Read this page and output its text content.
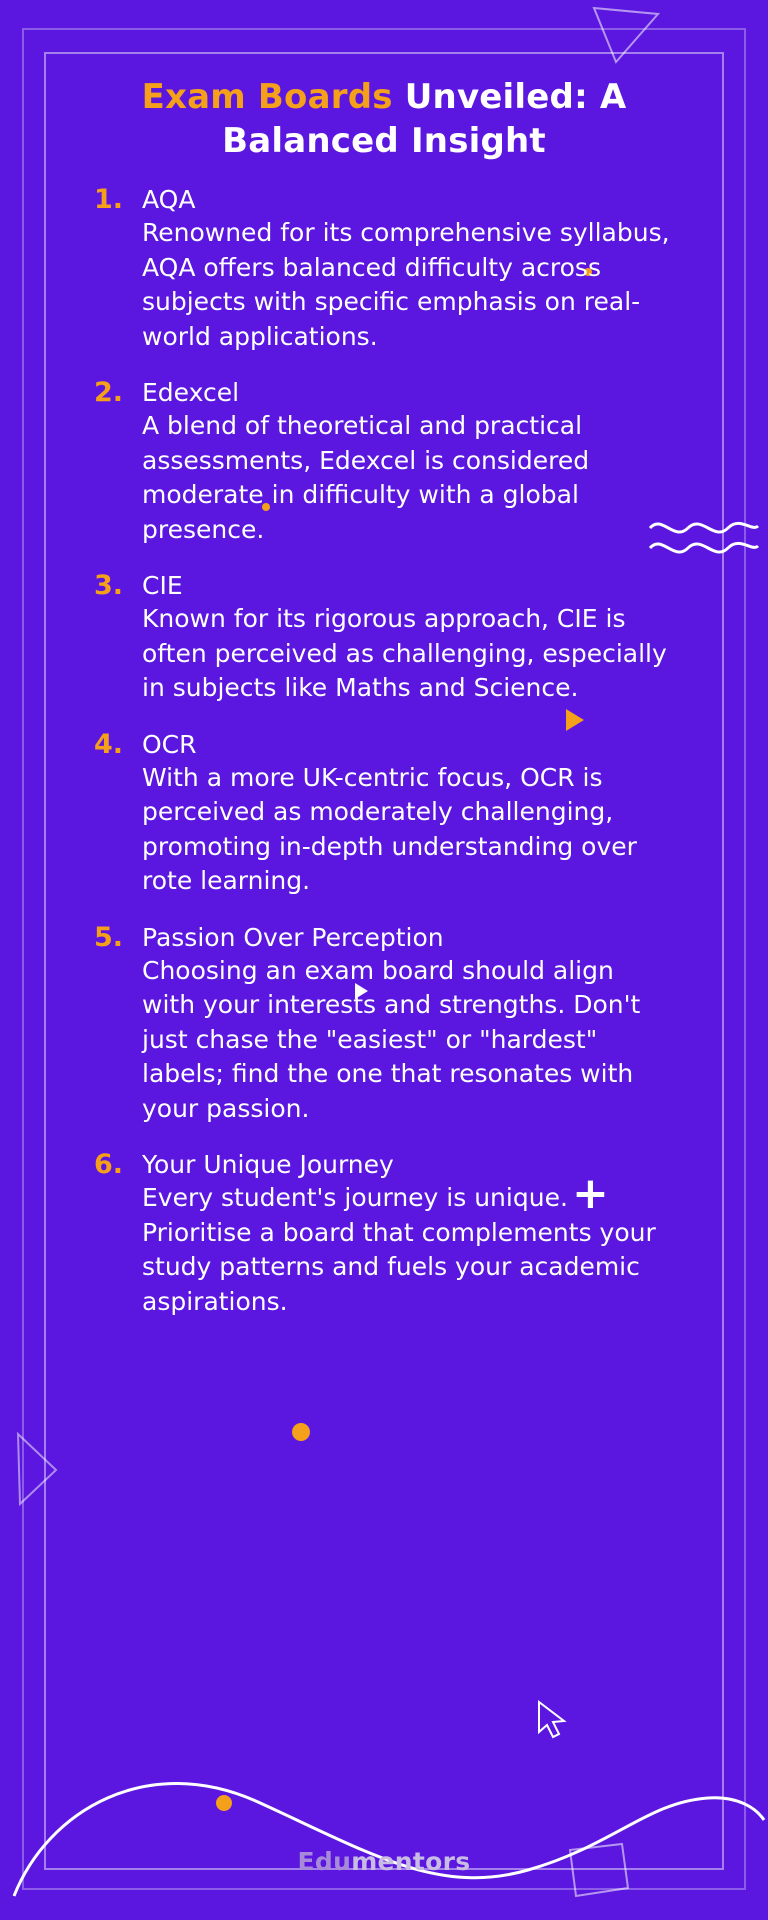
+
Exam Boards Unveiled: A Balanced Insight
1. AQA

Renowned for its comprehensive syllabus, AQA offers balanced difficulty across subjects with specific emphasis on real-world applications.

2. Edexcel

A blend of theoretical and practical assessments, Edexcel is considered moderate in difficulty with a global presence.

3. CIE

Known for its rigorous approach, CIE is often perceived as challenging, especially in subjects like Maths and Science.

4. OCR

With a more UK-centric focus, OCR is perceived as moderately challenging, promoting in-depth understanding over rote learning.

5. Passion Over Perception

Choosing an exam board should align with your interests and strengths. Don't just chase the "easiest" or "hardest" labels; find the one that resonates with your passion.

6. Your Unique Journey

Every student's journey is unique. Prioritise a board that complements your study patterns and fuels your academic aspirations.

Edumentors
